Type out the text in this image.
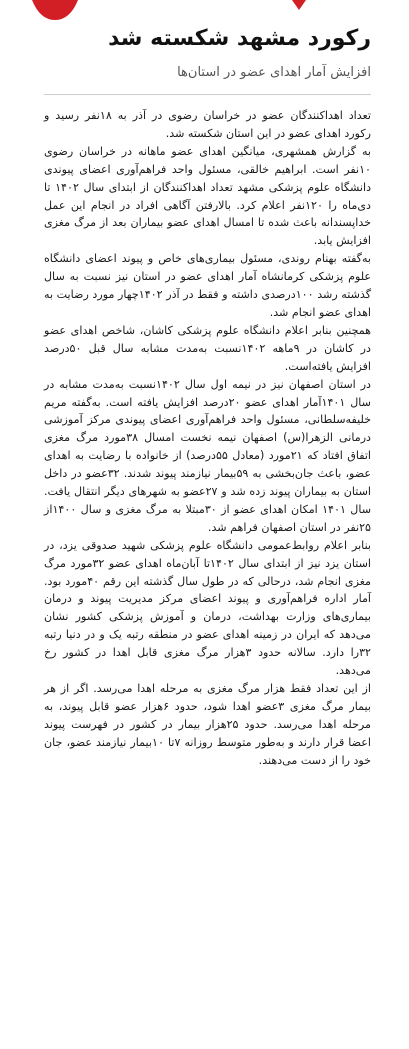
رکورد مشهد شکسته شد
افزایش آمار اهدای عضو در استان‌ها

تعداد اهداکنندگان عضو در خراسان رضوی در آذر به ۱۸نفر رسید و رکورد اهدای عضو در این استان شکسته شد.

به گزارش همشهری، میانگین اهدای عضو ماهانه در خراسان رضوی ۱۰نفر است. ابراهیم خالقی، مسئول واحد فراهم‌آوری اعضای پیوندی دانشگاه علوم پزشکی مشهد تعداد اهداکنندگان از ابتدای سال ۱۴۰۲ تا دی‌ماه را ۱۲۰نفر اعلام کرد. بالارفتن آگاهی افراد در انجام این عمل خداپسندانه باعث شده تا امسال اهدای عضو بیماران بعد از مرگ مغزی افزایش یابد.

به‌گفته بهنام روندی، مسئول بیماری‌های خاص و پیوند اعضای دانشگاه علوم پزشکی کرمانشاه آمار اهدای عضو در استان نیز نسبت به سال گذشته رشد ۱۰۰درصدی داشته و فقط در آذر ۱۴۰۲چهار مورد رضایت به اهدای عضو انجام شد.

همچنین بنابر اعلام دانشگاه علوم پزشکی کاشان، شاخص اهدای عضو در کاشان در ۹ماهه ۱۴۰۲نسبت به‌مدت مشابه سال قبل ۵۰درصد افزایش یافته‌است.

در استان اصفهان نیز در نیمه اول سال ۱۴۰۲نسبت به‌مدت مشابه در سال ۱۴۰۱آمار اهدای عضو ۲۰درصد افزایش یافته است. به‌گفته مریم خلیفه‌سلطانی، مسئول واحد فراهم‌آوری اعضای پیوندی مرکز آموزشی درمانی الزهرا(س) اصفهان نیمه نخست امسال ۳۸مورد مرگ مغزی اتفاق افتاد که ۲۱مورد (معادل ۵۵درصد) از خانواده با رضایت به اهدای عضو، باعث جان‌بخشی به ۵۹بیمار نیازمند پیوند شدند. ۳۲عضو در داخل استان به بیماران پیوند زده شد و ۲۷عضو به شهرهای دیگر انتقال یافت. سال ۱۴۰۱ امکان اهدای عضو از ۳۰مبتلا به مرگ مغزی و سال ۱۴۰۰از ۲۵نفر در استان اصفهان فراهم شد.

بنابر اعلام روابط‌عمومی دانشگاه علوم پزشکی شهید صدوقی یزد، در استان یزد نیز از ابتدای سال ۱۴۰۲تا آبان‌ماه اهدای عضو ۳۲مورد مرگ مغزی انجام شد، درحالی که در طول سال گذشته این رقم ۴۰مورد بود. آمار اداره فراهم‌آوری و پیوند اعضای مرکز مدیریت پیوند و درمان بیماری‌های وزارت بهداشت، درمان و آموزش پزشکی کشور نشان می‌دهد که ایران در زمینه اهدای عضو در منطقه رتبه یک و در دنیا رتبه ۳۲را دارد. سالانه حدود ۳هزار مرگ مغزی قابل اهدا در کشور رخ می‌دهد.

از این تعداد فقط هزار مرگ مغزی به مرحله اهدا می‌رسد. اگر از هر بیمار مرگ مغزی ۳عضو اهدا شود، حدود ۶هزار عضو قابل پیوند، به مرحله اهدا می‌رسد. حدود ۲۵هزار بیمار در کشور در فهرست پیوند اعضا قرار دارند و به‌طور متوسط روزانه ۷تا ۱۰بیمار نیازمند عضو، جان خود را از دست می‌دهند.
